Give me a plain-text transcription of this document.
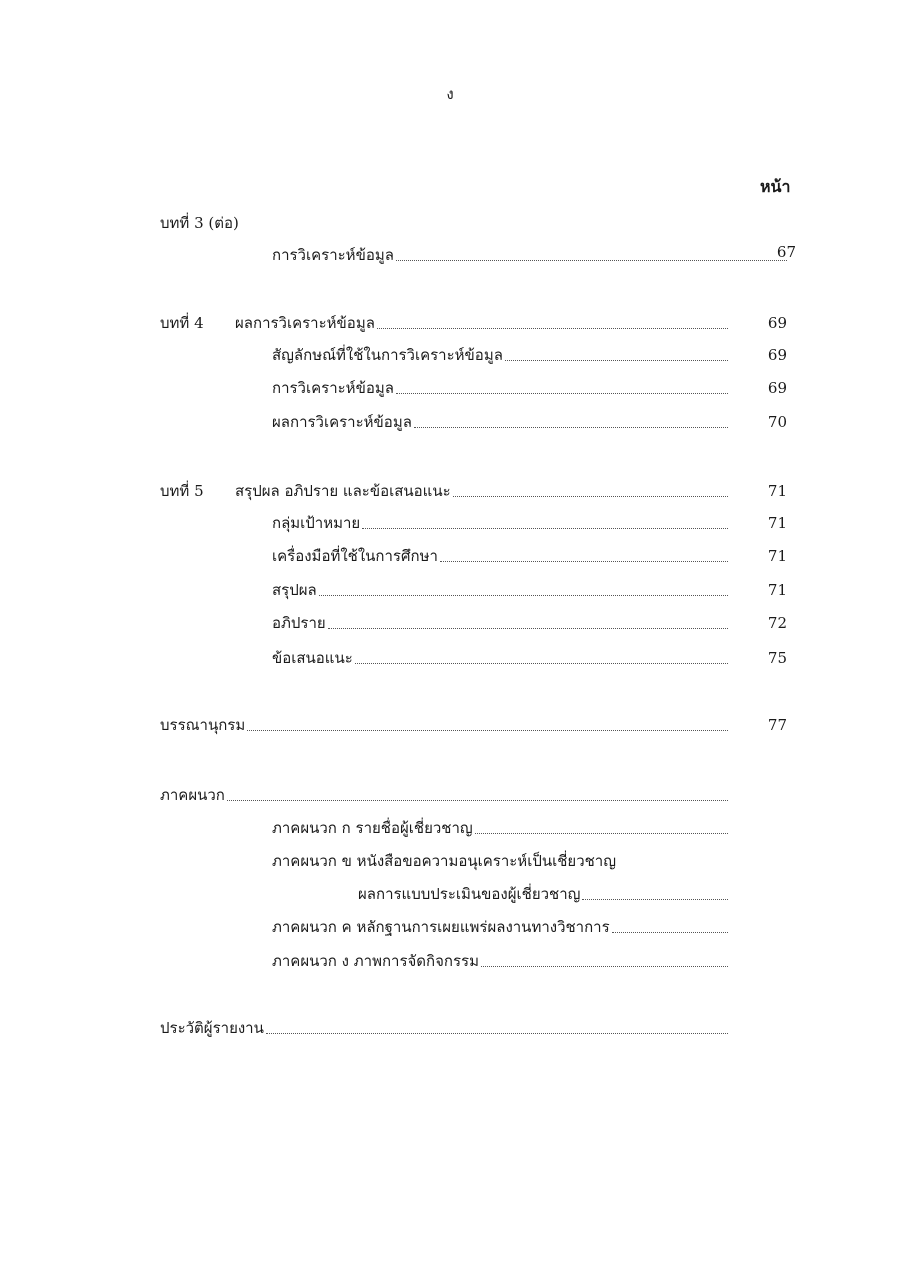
ง
หน้า
บทที่ 3 (ต่อ)
การวิเคราะห์ข้อมูล	67
บทที่ 4	ผลการวิเคราะห์ข้อมูล	69
สัญลักษณ์ที่ใช้ในการวิเคราะห์ข้อมูล	69
การวิเคราะห์ข้อมูล	69
ผลการวิเคราะห์ข้อมูล	70
บทที่ 5	สรุปผล อภิปราย และข้อเสนอแนะ	71
กลุ่มเป้าหมาย	71
เครื่องมือที่ใช้ในการศึกษา	71
สรุปผล	71
อภิปราย	72
ข้อเสนอแนะ	75
บรรณานุกรม	77
ภาคผนวก
ภาคผนวก ก รายชื่อผู้เชี่ยวชาญ
ภาคผนวก ข หนังสือขอความอนุเคราะห์เป็นเชี่ยวชาญ
ผลการแบบประเมินของผู้เชี่ยวชาญ
ภาคผนวก ค หลักฐานการเผยแพร่ผลงานทางวิชาการ
ภาคผนวก ง ภาพการจัดกิจกรรม
ประวัติผู้รายงาน
